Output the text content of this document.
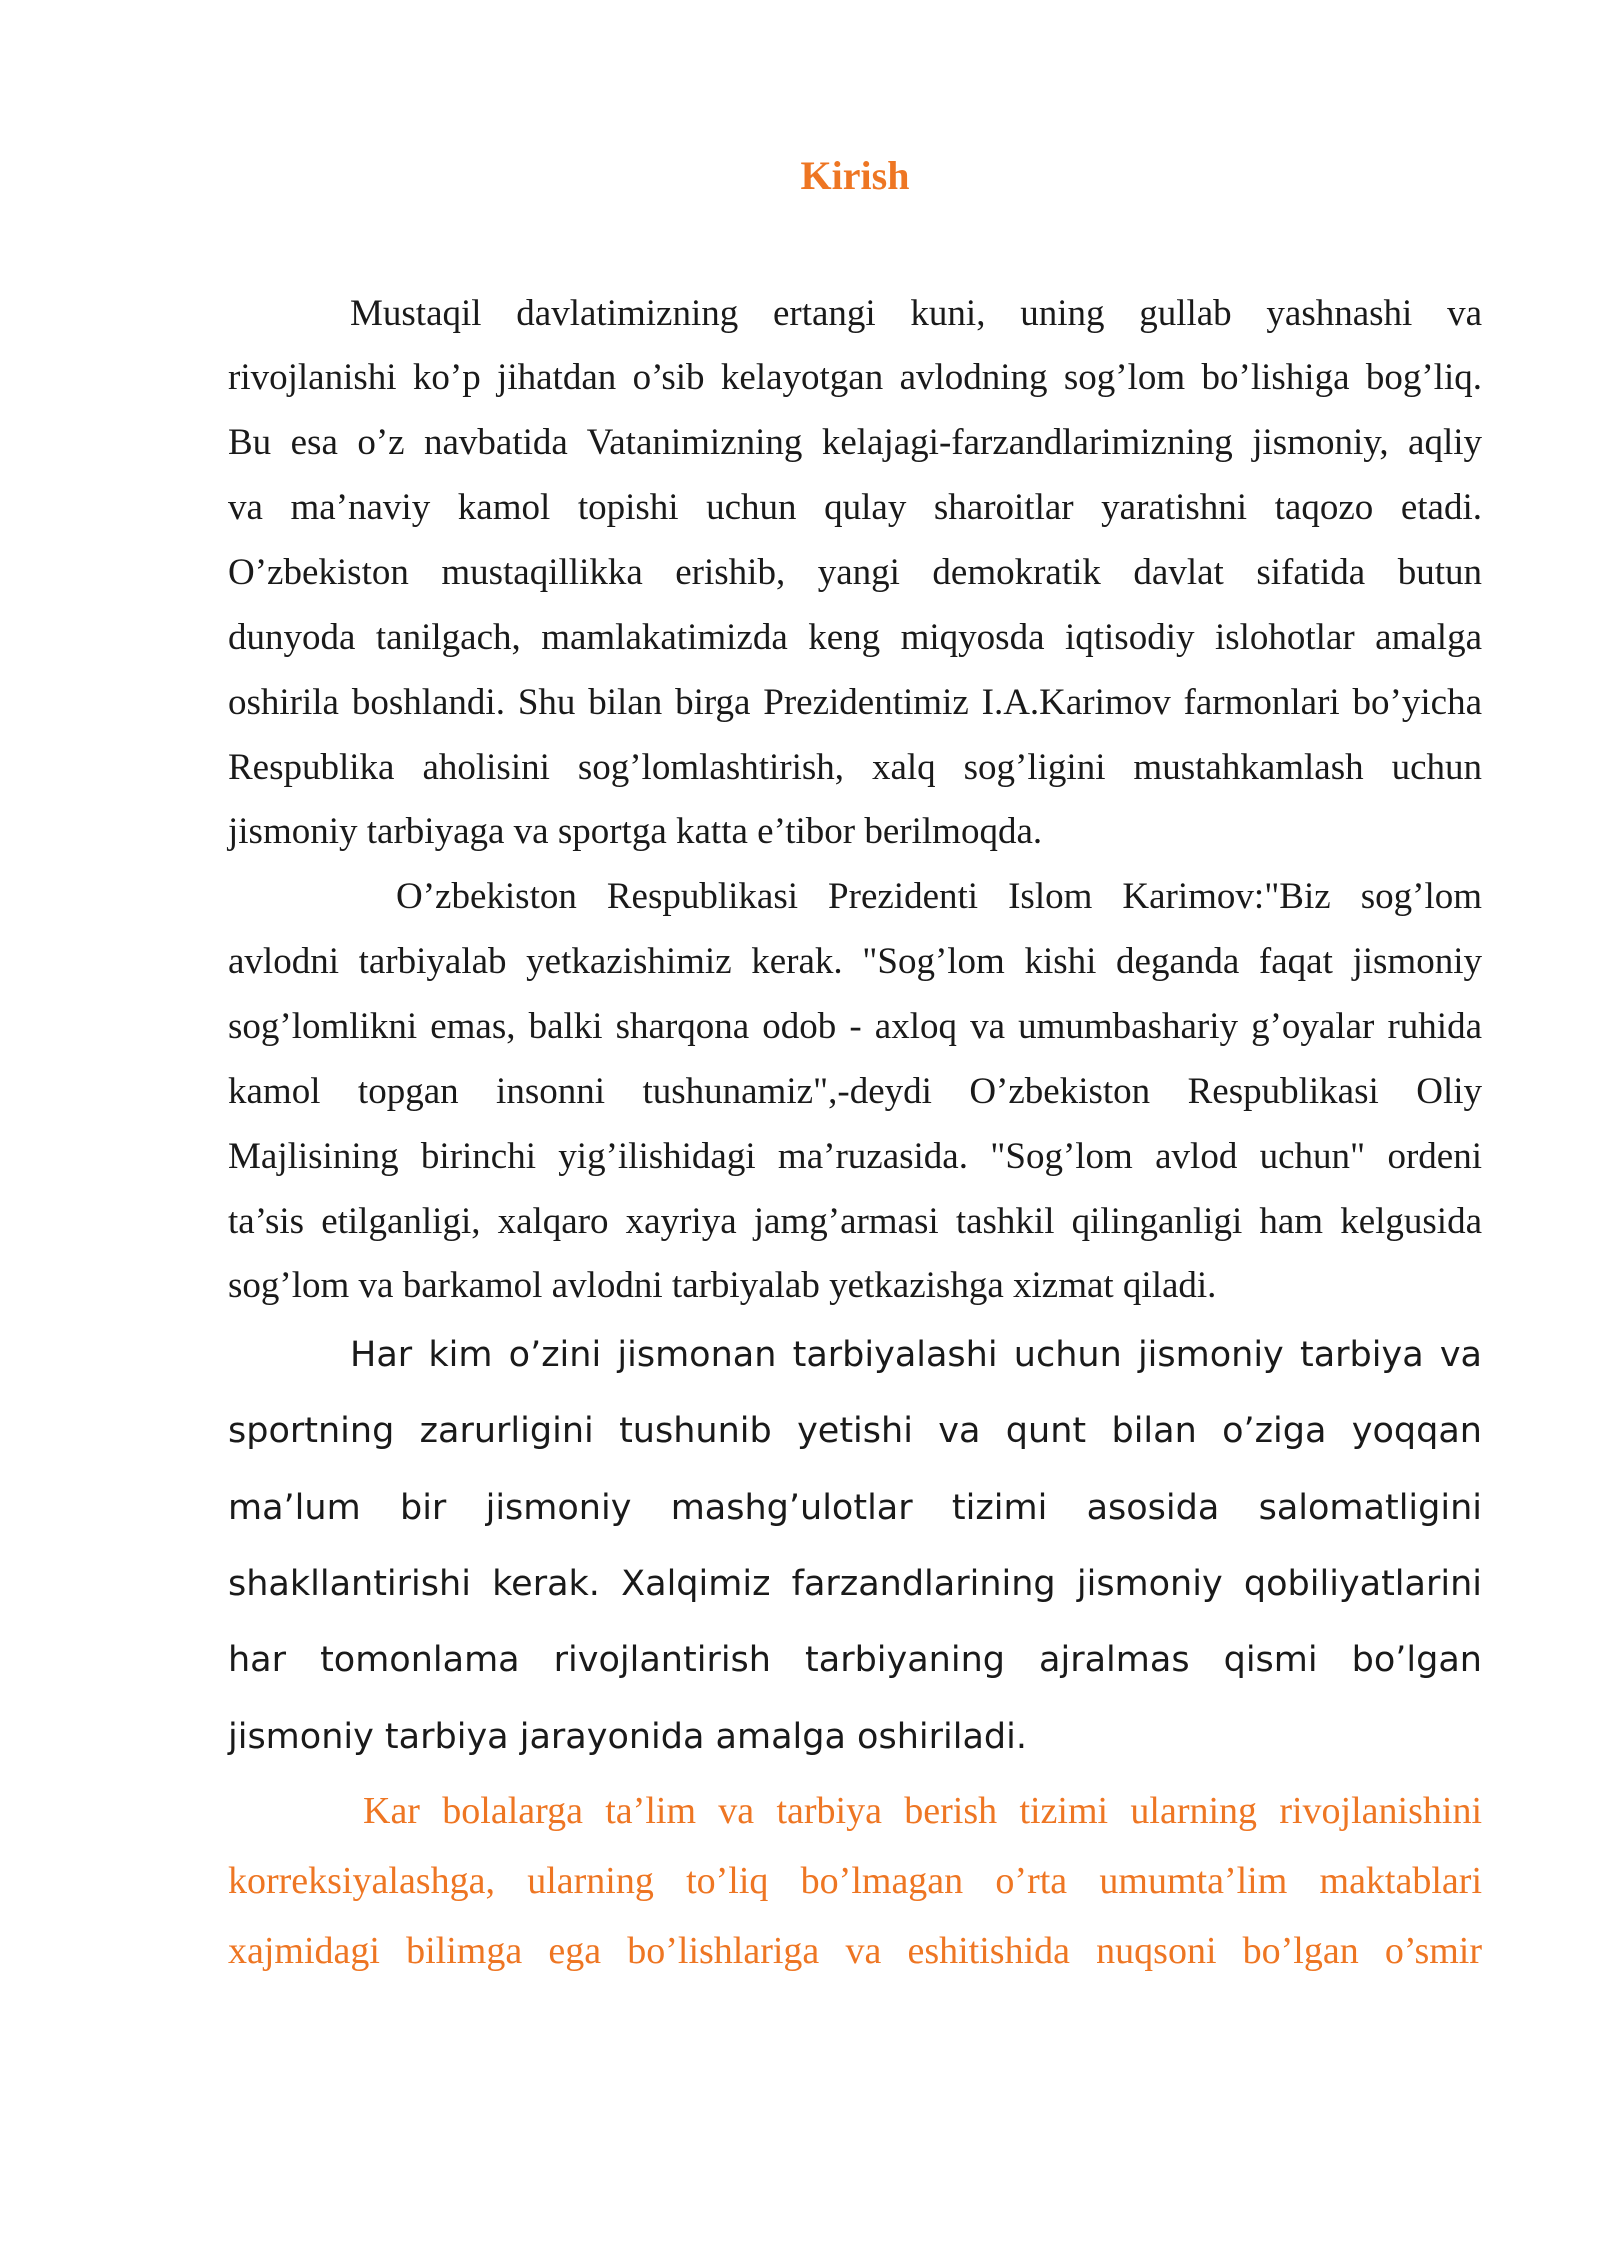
Kirish
Mustaqil davlatimizning ertangi kuni, uning gullab yashnashi va
rivojlanishi ko’p jihatdan o’sib kelayotgan avlodning sog’lom bo’lishiga bog’liq.
Bu esa o’z navbatida Vatanimizning kelajagi-farzandlarimizning jismoniy, aqliy
va ma’naviy kamol topishi uchun qulay sharoitlar yaratishni taqozo etadi.
O’zbekiston mustaqillikka erishib, yangi demokratik davlat sifatida butun
dunyoda tanilgach, mamlakatimizda keng miqyosda iqtisodiy islohotlar amalga
oshirila boshlandi. Shu bilan birga Prezidentimiz I.A.Karimov farmonlari bo’yicha
Respublika aholisini sog’lomlashtirish, xalq sog’ligini mustahkamlash uchun
jismoniy tarbiyaga va sportga katta e’tibor berilmoqda.
O’zbekiston Respublikasi Prezidenti Islom Karimov:"Biz sog’lom
avlodni tarbiyalab yetkazishimiz kerak. "Sog’lom kishi deganda faqat jismoniy
sog’lomlikni emas, balki sharqona odob - axloq va umumbashariy g’oyalar ruhida
kamol topgan insonni tushunamiz",-deydi O’zbekiston Respublikasi Oliy
Majlisining birinchi yig’ilishidagi ma’ruzasida. "Sog’lom avlod uchun" ordeni
ta’sis etilganligi, xalqaro xayriya jamg’armasi tashkil qilinganligi ham kelgusida
sog’lom va barkamol avlodni tarbiyalab yetkazishga xizmat qiladi.
Har kim o’zini jismonan tarbiyalashi uchun jismoniy tarbiya va
sportning zarurligini tushunib yetishi va qunt bilan o’ziga yoqqan
ma’lum bir jismoniy mashg’ulotlar tizimi asosida salomatligini
shakllantirishi kerak. Xalqimiz farzandlarining jismoniy qobiliyatlarini
har tomonlama rivojlantirish tarbiyaning ajralmas qismi bo’lgan
jismoniy tarbiya jarayonida amalga oshiriladi.
Kar bolalarga ta’lim va tarbiya berish tizimi ularning rivojlanishini
korreksiyalashga, ularning to’liq bo’lmagan o’rta umumta’lim maktablari
xajmidagi bilimga ega bo’lishlariga va eshitishida nuqsoni bo’lgan o’smir
